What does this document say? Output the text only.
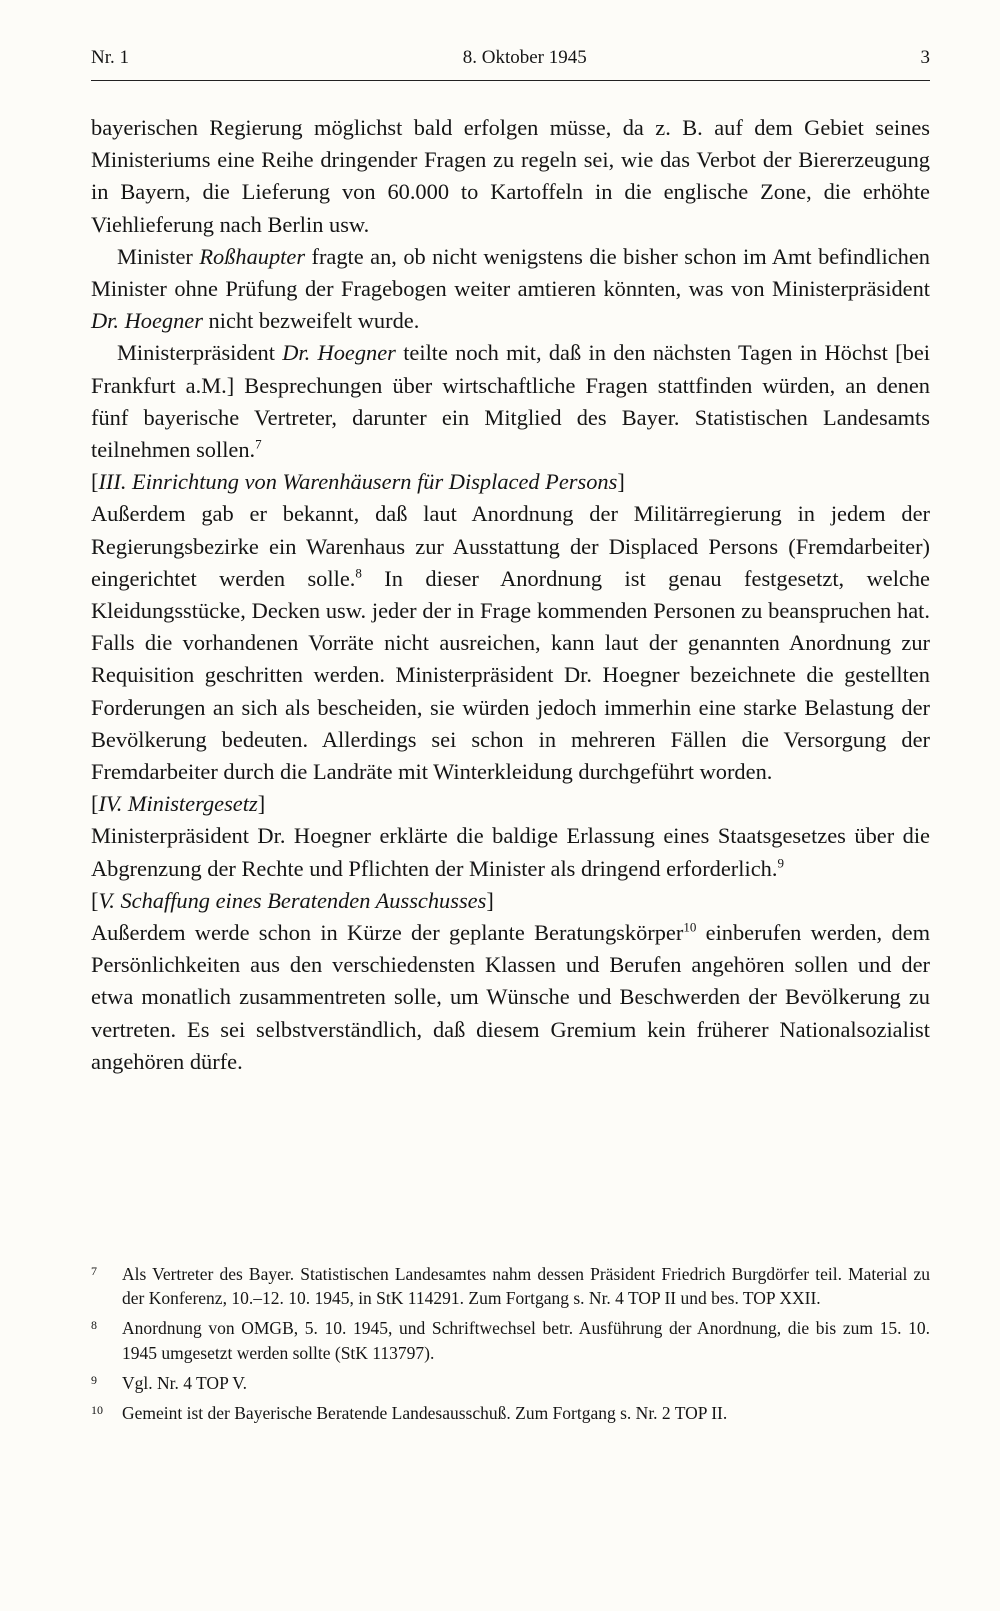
Nr. 1	8. Oktober 1945	3

bayerischen Regierung möglichst bald erfolgen müsse, da z. B. auf dem Gebiet seines Ministeriums eine Reihe dringender Fragen zu regeln sei, wie das Verbot der Biererzeugung in Bayern, die Lieferung von 60.000 to Kartoffeln in die englische Zone, die erhöhte Viehlieferung nach Berlin usw.

Minister Roßhaupter fragte an, ob nicht wenigstens die bisher schon im Amt befindlichen Minister ohne Prüfung der Fragebogen weiter amtieren könnten, was von Ministerpräsident Dr. Hoegner nicht bezweifelt wurde.

Ministerpräsident Dr. Hoegner teilte noch mit, daß in den nächsten Tagen in Höchst [bei Frankfurt a.M.] Besprechungen über wirtschaftliche Fragen stattfinden würden, an denen fünf bayerische Vertreter, darunter ein Mitglied des Bayer. Statistischen Landesamts teilnehmen sollen.$^7$

[III. Einrichtung von Warenhäusern für Displaced Persons]

Außerdem gab er bekannt, daß laut Anordnung der Militärregierung in jedem der Regierungsbezirke ein Warenhaus zur Ausstattung der Displaced Persons (Fremdarbeiter) eingerichtet werden solle.$^8$ In dieser Anordnung ist genau festgesetzt, welche Kleidungsstücke, Decken usw. jeder der in Frage kommenden Personen zu beanspruchen hat. Falls die vorhandenen Vorräte nicht ausreichen, kann laut der genannten Anordnung zur Requisition geschritten werden. Ministerpräsident Dr. Hoegner bezeichnete die gestellten Forderungen an sich als bescheiden, sie würden jedoch immerhin eine starke Belastung der Bevölkerung bedeuten. Allerdings sei schon in mehreren Fällen die Versorgung der Fremdarbeiter durch die Landräte mit Winterkleidung durchgeführt worden.

[IV. Ministergesetz]

Ministerpräsident Dr. Hoegner erklärte die baldige Erlassung eines Staatsgesetzes über die Abgrenzung der Rechte und Pflichten der Minister als dringend erforderlich.$^9$

[V. Schaffung eines Beratenden Ausschusses]

Außerdem werde schon in Kürze der geplante Beratungskörper$^{10}$ einberufen werden, dem Persönlichkeiten aus den verschiedensten Klassen und Berufen angehören sollen und der etwa monatlich zusammentreten solle, um Wünsche und Beschwerden der Bevölkerung zu vertreten. Es sei selbstverständlich, daß diesem Gremium kein früherer Nationalsozialist angehören dürfe.

7	Als Vertreter des Bayer. Statistischen Landesamtes nahm dessen Präsident Friedrich Burgdörfer teil. Material zu der Konferenz, 10.–12. 10. 1945, in StK 114291. Zum Fortgang s. Nr. 4 TOP II und bes. TOP XXII.
8	Anordnung von OMGB, 5. 10. 1945, und Schriftwechsel betr. Ausführung der Anordnung, die bis zum 15. 10. 1945 umgesetzt werden sollte (StK 113797).
9	Vgl. Nr. 4 TOP V.
10	Gemeint ist der Bayerische Beratende Landesausschuß. Zum Fortgang s. Nr. 2 TOP II.
